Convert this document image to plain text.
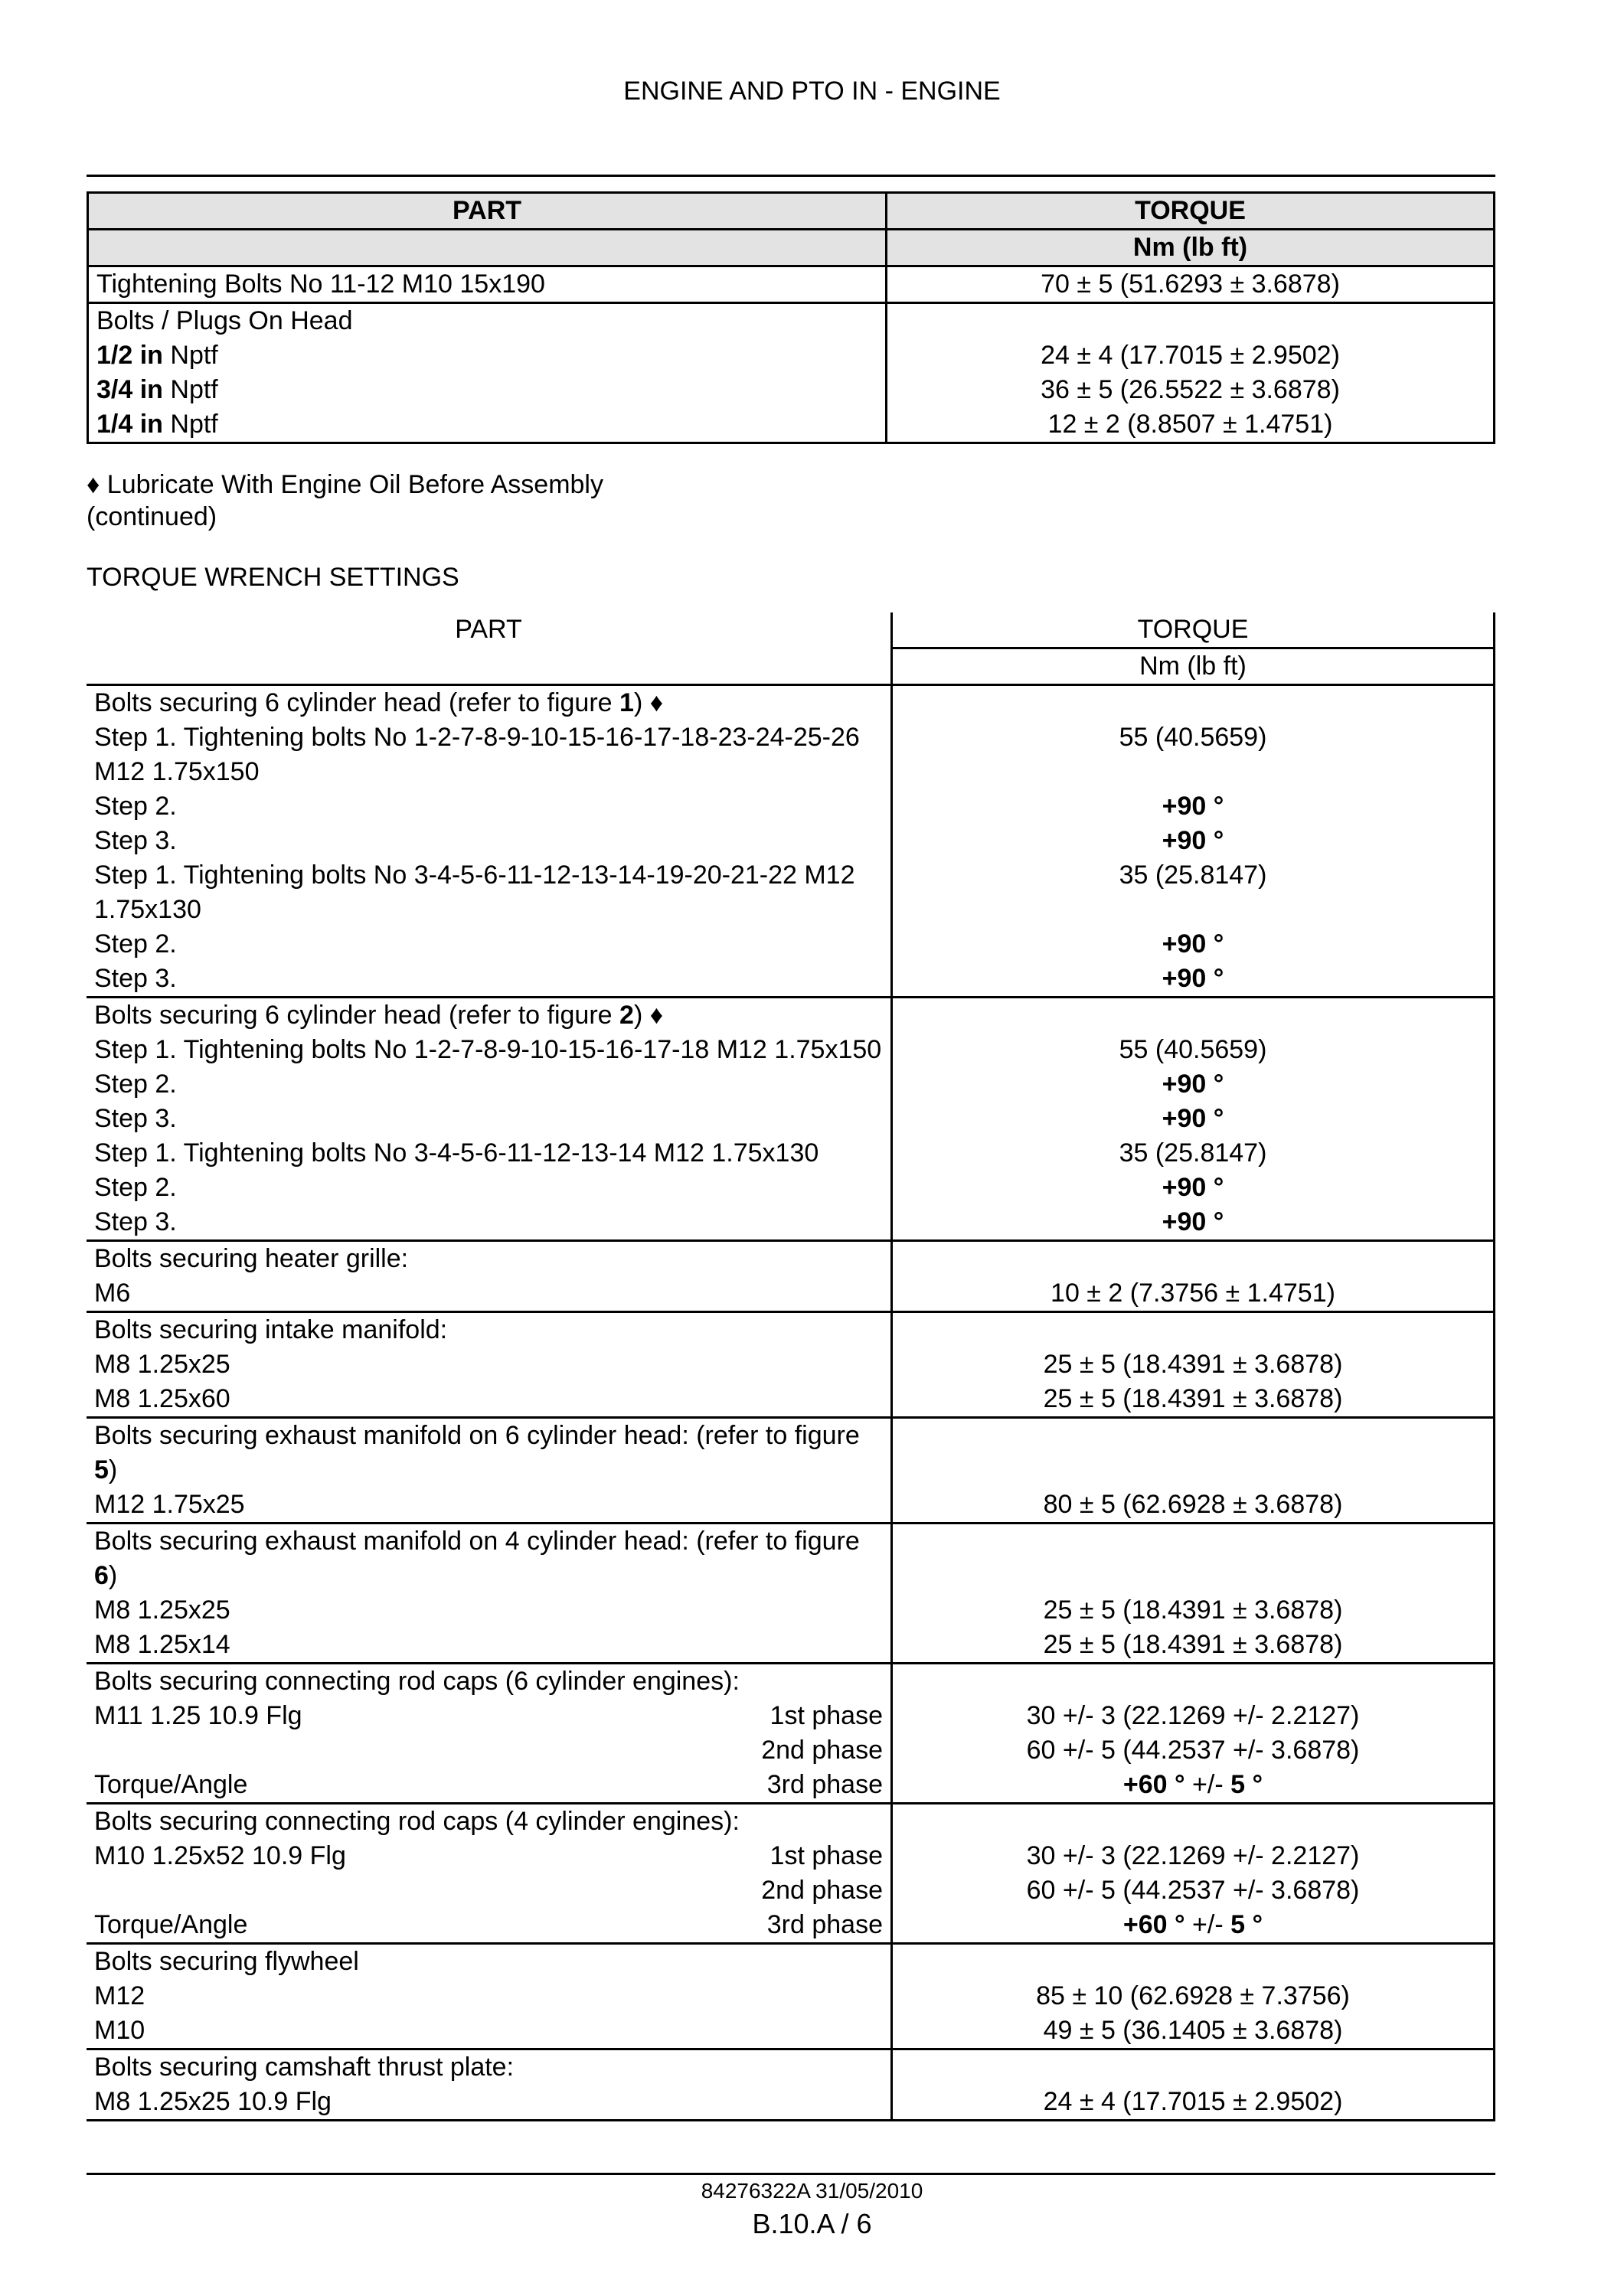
ENGINE AND PTO IN - ENGINE
PART	TORQUE
	Nm (lb ft)
Tightening Bolts No 11-12 M10 15x190	70 ± 5 (51.6293 ± 3.6878)
Bolts / Plugs On Head	
1/2 in Nptf	24 ± 4 (17.7015 ± 2.9502)
3/4 in Nptf	36 ± 5 (26.5522 ± 3.6878)
1/4 in Nptf	12 ± 2 (8.8507 ± 1.4751)
♦ Lubricate With Engine Oil Before Assembly
(continued)
TORQUE WRENCH SETTINGS
PART	TORQUE
	Nm (lb ft)
Bolts securing 6 cylinder head (refer to figure 1) ♦	
Step 1. Tightening bolts No 1-2-7-8-9-10-15-16-17-18-23-24-25-26 M12 1.75x150	55 (40.5659)
Step 2.	+90 °
Step 3.	+90 °
Step 1. Tightening bolts No 3-4-5-6-11-12-13-14-19-20-21-22 M12 1.75x130	35 (25.8147)
Step 2.	+90 °
Step 3.	+90 °
Bolts securing 6 cylinder head (refer to figure 2) ♦	
Step 1. Tightening bolts No 1-2-7-8-9-10-15-16-17-18 M12 1.75x150	55 (40.5659)
Step 2.	+90 °
Step 3.	+90 °
Step 1. Tightening bolts No 3-4-5-6-11-12-13-14 M12 1.75x130	35 (25.8147)
Step 2.	+90 °
Step 3.	+90 °
Bolts securing heater grille:	
M6	10 ± 2 (7.3756 ± 1.4751)
Bolts securing intake manifold:	
M8 1.25x25	25 ± 5 (18.4391 ± 3.6878)
M8 1.25x60	25 ± 5 (18.4391 ± 3.6878)
Bolts securing exhaust manifold on 6 cylinder head: (refer to figure 5)	
M12 1.75x25	80 ± 5 (62.6928 ± 3.6878)
Bolts securing exhaust manifold on 4 cylinder head: (refer to figure 6)	
M8 1.25x25	25 ± 5 (18.4391 ± 3.6878)
M8 1.25x14	25 ± 5 (18.4391 ± 3.6878)
Bolts securing connecting rod caps (6 cylinder engines):	
M11 1.25 10.9 Flg 1st phase	30 +/- 3 (22.1269 +/- 2.2127)

2nd phase	60 +/- 5 (44.2537 +/- 3.6878)
Torque/Angle 3rd phase	+60 ° +/- 5 °
Bolts securing connecting rod caps (4 cylinder engines):	
M10 1.25x52 10.9 Flg 1st phase	30 +/- 3 (22.1269 +/- 2.2127)

2nd phase	60 +/- 5 (44.2537 +/- 3.6878)
Torque/Angle 3rd phase	+60 ° +/- 5 °
Bolts securing flywheel	
M12	85 ± 10 (62.6928 ± 7.3756)
M10	49 ± 5 (36.1405 ± 3.6878)
Bolts securing camshaft thrust plate:	
M8 1.25x25 10.9 Flg	24 ± 4 (17.7015 ± 2.9502)
84276322A 31/05/2010
B.10.A / 6
